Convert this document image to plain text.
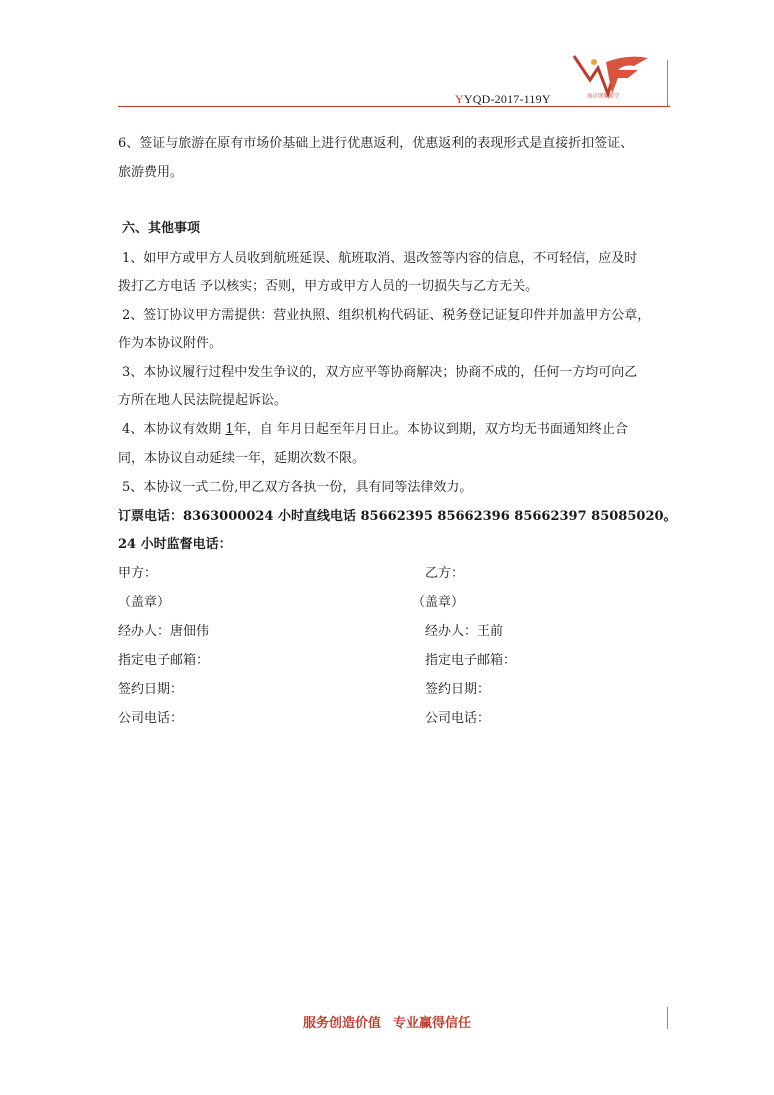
YYQD-2017-119Y	南京现象航空
6、签证与旅游在原有市场价基础上进行优惠返利，优惠返利的表现形式是直接折扣签证、
旅游费用。
六、其他事项
1、如甲方或甲方人员收到航班延误、航班取消、退改签等内容的信息，不可轻信，应及时
拨打乙方电话 予以核实；否则，甲方或甲方人员的一切损失与乙方无关。
2、签订协议甲方需提供：营业执照、组织机构代码证、税务登记证复印件并加盖甲方公章，
作为本协议附件。
3、本协议履行过程中发生争议的，双方应平等协商解决；协商不成的，任何一方均可向乙
方所在地人民法院提起诉讼。
4、本协议有效期 1年，自 年月日起至年月日止。本协议到期，双方均无书面通知终止合
同，本协议自动延续一年，延期次数不限。
5、本协议一式二份,甲乙双方各执一份，具有同等法律效力。
订票电话：8363000024 小时直线电话 85662395 85662396 85662397 85085020。
24 小时监督电话：
甲方：
（盖章）
经办人：唐佃伟
指定电子邮箱：
签约日期：
公司电话：
乙方：
（盖章）
经办人：王前
指定电子邮箱：
签约日期：
公司电话：
服务创造价值 专业赢得信任
